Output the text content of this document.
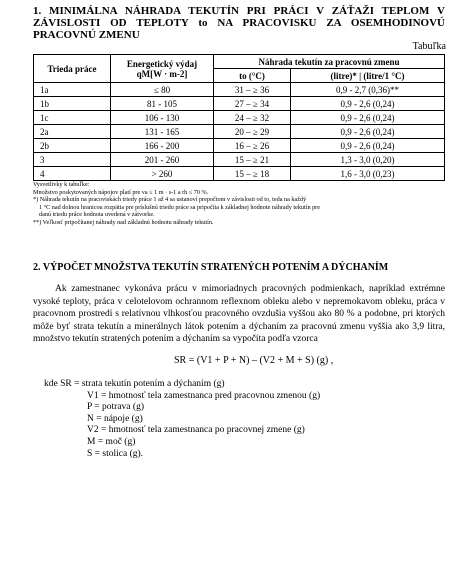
1. MINIMÁLNA NÁHRADA TEKUTÍN PRI PRÁCI V ZÁŤAŽI TEPLOM V ZÁVISLOSTI OD TEPLOTY to NA PRACOVISKU ZA OSEMHODINOVÚ PRACOVNÚ ZMENU
Tabuľka
Trieda práce	Energetický výdaj
qM[W · m-2]	Náhrada tekutín za pracovnú zmenu	
		to (°C)	(litre)* | (litre/1 °C)
1a	≤ 80	31 – ≥ 36	0,9 - 2,7 (0,36)**
1b	81 - 105	27 – ≥ 34	0,9 - 2,6 (0,24)
1c	106 - 130	24 – ≥ 32	0,9 - 2,6 (0,24)
2a	131 - 165	20 – ≥ 29	0,9 - 2,6 (0,24)
2b	166 - 200	16 – ≥ 26	0,9 - 2,6 (0,24)
3	201 - 260	15 – ≥ 21	1,3 - 3,0 (0,20)
4	> 260	15 – ≥ 18	1,6 - 3,0 (0,23)

Vysvetlivky k tabuľke:

Množstvo poskytovaných nápojov platí pre va ≤ 1 m · s-1 a rh ≤ 70 %.

*) Náhrada tekutín na pracoviskách triedy práce 1 až 4 sa ustanoví prepočtom v závislosti od to, teda na každý

1 °C nad dolnou hranicou rozpätia pre príslušnú triedu práce sa pripočíta k základnej hodnote náhrady tekutín pre

danú triedu práce hodnota uvedená v zátvorke.

**) Veľkosť pripočítanej náhrady nad základnú hodnotu náhrady tekutín.

2. VÝPOČET MNOŽSTVA TEKUTÍN STRATENÝCH POTENÍM A DÝCHANÍM

Ak zamestnanec vykonáva prácu v mimoriadnych pracovných podmienkach, napríklad extrémne vysoké teploty, práca v celotelovom ochrannom reflexnom obleku alebo v nepremokavom obleku, práca v pracovnom prostredí s relatívnou vlhkosťou pracovného ovzdušia vyššou ako 80 % a podobne, pri ktorých môže byť strata tekutín a minerálnych látok potením a dýchaním za pracovnú zmenu vyššia ako 3,9 litra, množstvo tekutín stratených potením a dýchaním sa vypočíta podľa vzorca

SR = (V1 + P + N) – (V2 + M + S) (g) ,
kde SR = strata tekutín potením a dýchaním (g)
V1 = hmotnosť tela zamestnanca pred pracovnou zmenou (g)
P = potrava (g)
N = nápoje (g)
V2 = hmotnosť tela zamestnanca po pracovnej zmene (g)
M = moč (g)
S = stolica (g).
